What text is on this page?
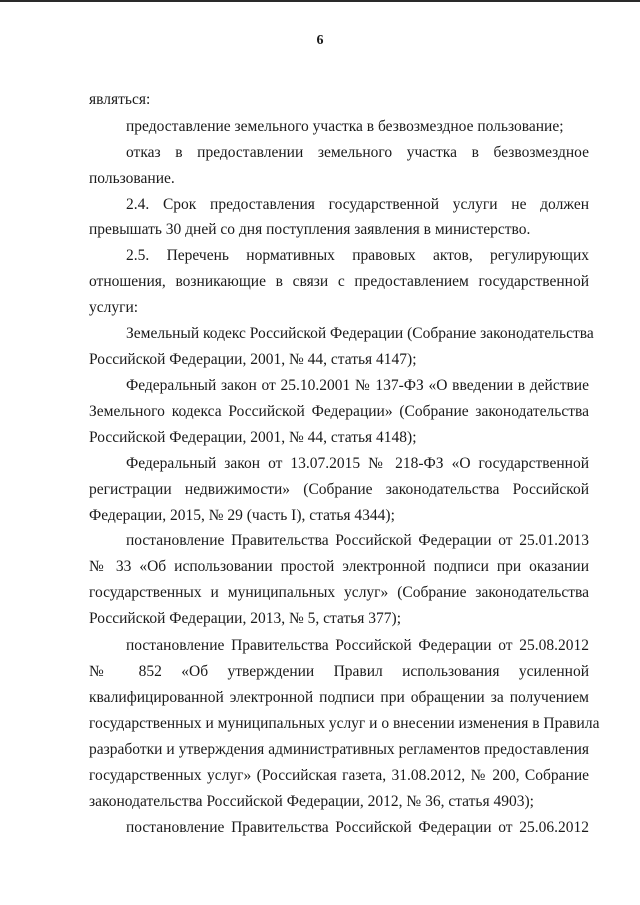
6
являться:
предоставление земельного участка в безвозмездное пользование;
отказ в предоставлении земельного участка в безвозмездное
пользование.
2.4. Срок предоставления государственной услуги не должен
превышать 30 дней со дня поступления заявления в министерство.
2.5. Перечень нормативных правовых актов, регулирующих
отношения, возникающие в связи с предоставлением государственной
услуги:
Земельный кодекс Российской Федерации (Собрание законодательства
Российской Федерации, 2001, № 44, статья 4147);
Федеральный закон от 25.10.2001 № 137-ФЗ «О введении в действие
Земельного кодекса Российской Федерации» (Собрание законодательства
Российской Федерации, 2001, № 44, статья 4148);
Федеральный закон от 13.07.2015 № 218-ФЗ «О государственной
регистрации недвижимости» (Собрание законодательства Российской
Федерации, 2015, № 29 (часть I), статья 4344);
постановление Правительства Российской Федерации от 25.01.2013
№ 33 «Об использовании простой электронной подписи при оказании
государственных и муниципальных услуг» (Собрание законодательства
Российской Федерации, 2013, № 5, статья 377);
постановление Правительства Российской Федерации от 25.08.2012
№ 852 «Об утверждении Правил использования усиленной
квалифицированной электронной подписи при обращении за получением
государственных и муниципальных услуг и о внесении изменения в Правила
разработки и утверждения административных регламентов предоставления
государственных услуг» (Российская газета, 31.08.2012, № 200, Собрание
законодательства Российской Федерации, 2012, № 36, статья 4903);
постановление Правительства Российской Федерации от 25.06.2012
